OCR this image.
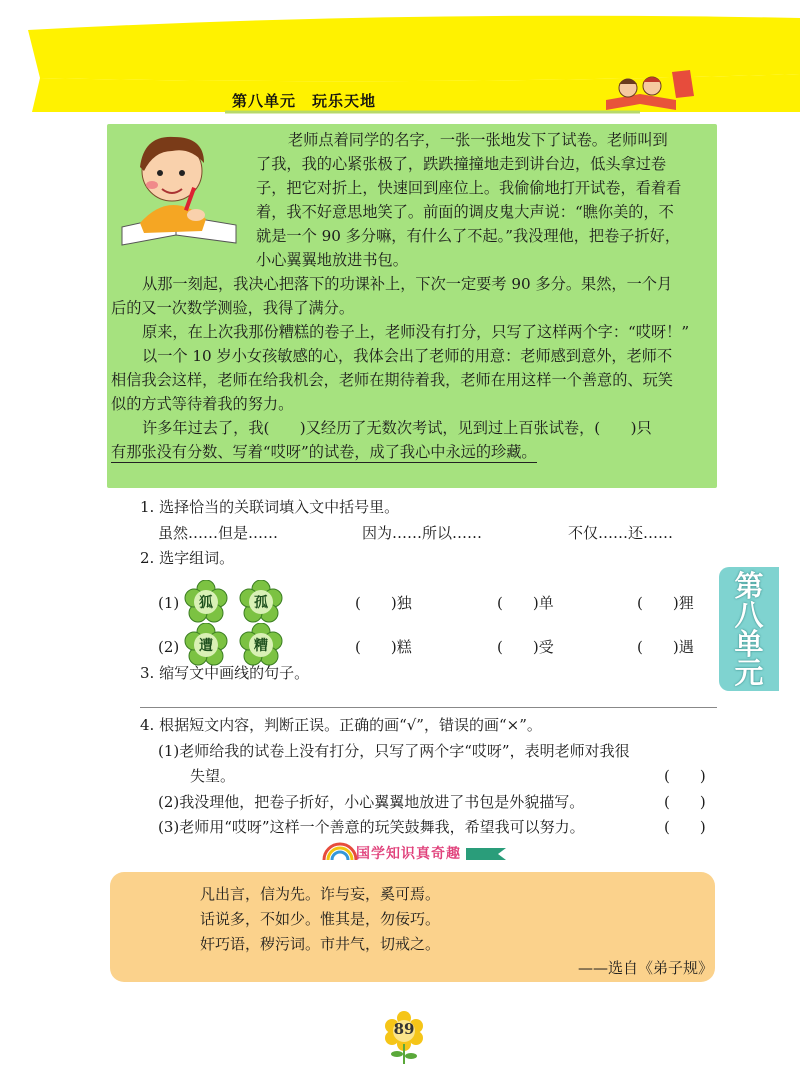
第八单元　玩乐天地
老师点着同学的名字，一张一张地发下了试卷。老师叫到
了我，我的心紧张极了，跌跌撞撞地走到讲台边，低头拿过卷
子，把它对折上，快速回到座位上。我偷偷地打开试卷，看着看
着，我不好意思地笑了。前面的调皮鬼大声说：“瞧你美的，不
就是一个 90 多分嘛，有什么了不起。”我没理他，把卷子折好，
小心翼翼地放进书包。
从那一刻起，我决心把落下的功课补上，下次一定要考 90 多分。果然，一个月
后的又一次数学测验，我得了满分。
原来，在上次我那份糟糕的卷子上，老师没有打分，只写了这样两个字：“哎呀！”
以一个 10 岁小女孩敏感的心，我体会出了老师的用意：老师感到意外，老师不
相信我会这样，老师在给我机会，老师在期待着我，老师在用这样一个善意的、玩笑
似的方式等待着我的努力。
许多年过去了，我(　　)又经历了无数次考试，见到过上百张试卷，(　　)只
有那张没有分数、写着“哎呀”的试卷，成了我心中永远的珍藏。
1. 选择恰当的关联词填入文中括号里。
虽然……但是……	因为……所以……	不仅……还……
2. 选字组词。
(1)	狐	孤	(　　)独	(　　)单	(　　)狸
(2)	遭	糟	(　　)糕	(　　)受	(　　)遇
3. 缩写文中画线的句子。
4. 根据短文内容，判断正误。正确的画“√”，错误的画“×”。
(1)老师给我的试卷上没有打分，只写了两个字“哎呀”，表明老师对我很
失望。	(　　)
(2)我没理他，把卷子折好，小心翼翼地放进了书包是外貌描写。	(　　)
(3)老师用“哎呀”这样一个善意的玩笑鼓舞我，希望我可以努力。	(　　)
第八单元
国学知识真奇趣
凡出言，信为先。诈与妄，奚可焉。
话说多，不如少。惟其是，勿佞巧。
奸巧语，秽污词。市井气，切戒之。
——选自《弟子规》
89
